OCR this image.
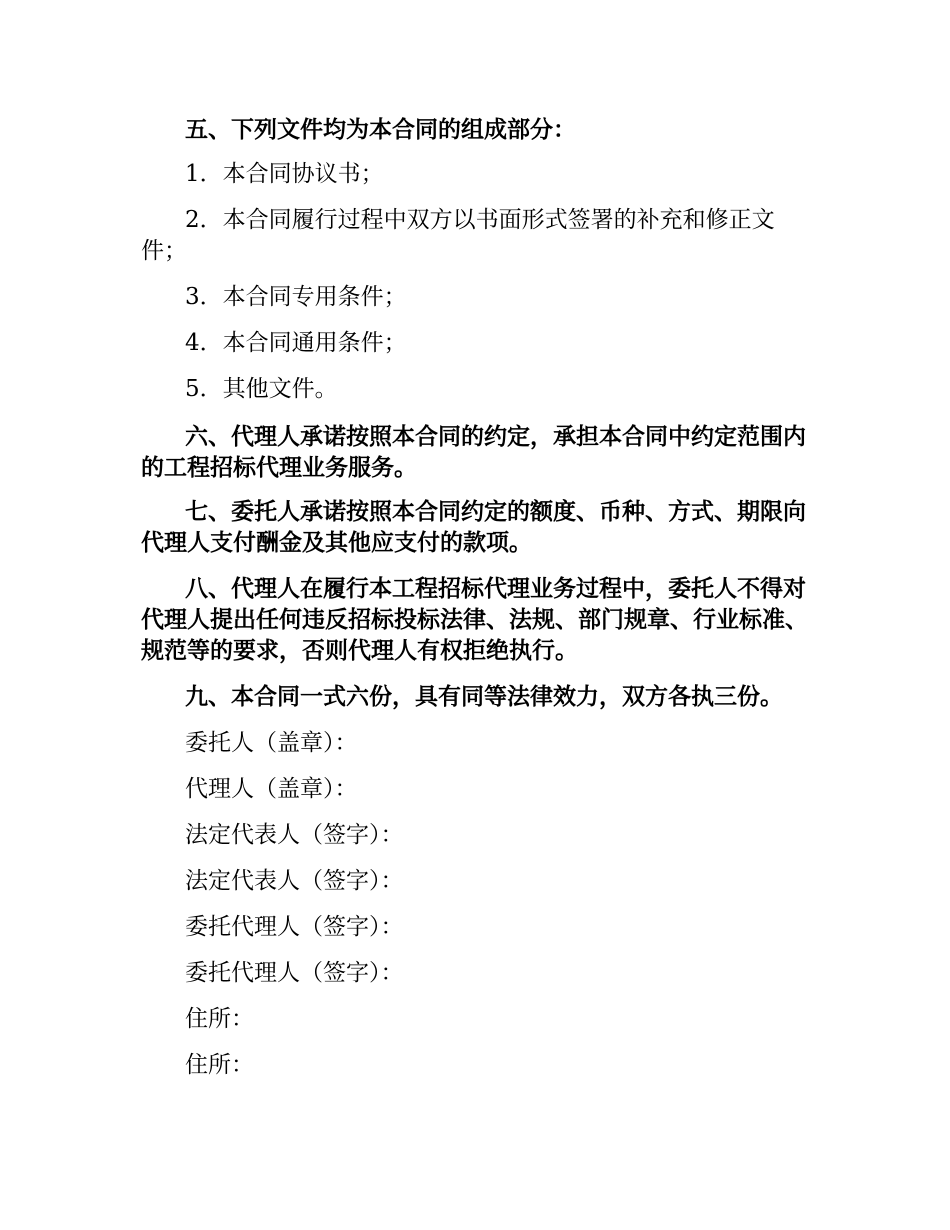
五、下列文件均为本合同的组成部分：

1．本合同协议书；

2．本合同履行过程中双方以书面形式签署的补充和修正文件；

3．本合同专用条件；

4．本合同通用条件；

5．其他文件。

六、代理人承诺按照本合同的约定，承担本合同中约定范围内的工程招标代理业务服务。

七、委托人承诺按照本合同约定的额度、币种、方式、期限向代理人支付酬金及其他应支付的款项。

八、代理人在履行本工程招标代理业务过程中，委托人不得对代理人提出任何违反招标投标法律、法规、部门规章、行业标准、规范等的要求，否则代理人有权拒绝执行。

九、本合同一式六份，具有同等法律效力，双方各执三份。

委托人（盖章）：

代理人（盖章）：

法定代表人（签字）：

法定代表人（签字）：

委托代理人（签字）：

委托代理人（签字）：

住所：

住所：
